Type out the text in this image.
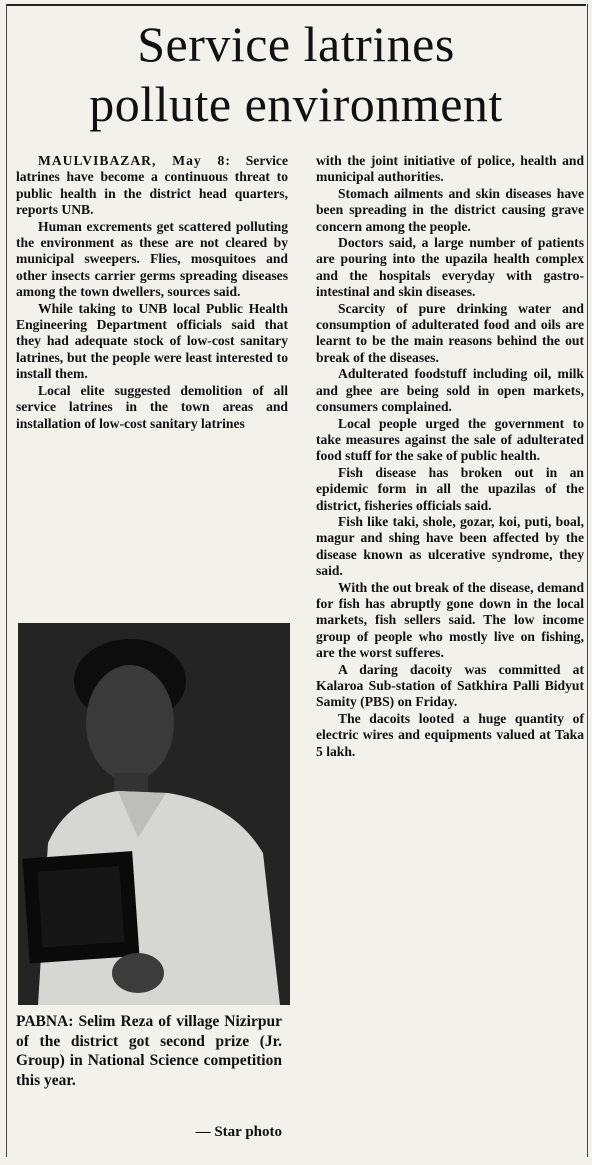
Service latrines
pollute environment

MAULVIBAZAR, May 8: Service latrines have become a continuous threat to public health in the district head quarters, reports UNB.

Human excrements get scattered polluting the environment as these are not cleared by municipal sweepers. Flies, mosquitoes and other insects carrier germs spreading diseases among the town dwellers, sources said.

While taking to UNB local Public Health Engineering Department officials said that they had adequate stock of low-cost sanitary latrines, but the people were least interested to install them.

Local elite suggested demolition of all service latrines in the town areas and installation of low-cost sanitary latrines

PABNA: Selim Reza of village Nizirpur of the district got second prize (Jr. Group) in National Science competition this year.
— Star photo

with the joint initiative of police, health and municipal authorities.

Stomach ailments and skin diseases have been spreading in the district causing grave concern among the people.

Doctors said, a large number of patients are pouring into the upazila health complex and the hospitals everyday with gastro-intestinal and skin diseases.

Scarcity of pure drinking water and consumption of adulterated food and oils are learnt to be the main reasons behind the out break of the diseases.

Adulterated foodstuff including oil, milk and ghee are being sold in open markets, consumers complained.

Local people urged the government to take measures against the sale of adulterated food stuff for the sake of public health.

Fish disease has broken out in an epidemic form in all the upazilas of the district, fisheries officials said.

Fish like taki, shole, gozar, koi, puti, boal, magur and shing have been affected by the disease known as ulcerative syndrome, they said.

With the out break of the disease, demand for fish has abruptly gone down in the local markets, fish sellers said. The low income group of people who mostly live on fishing, are the worst sufferes.

A daring dacoity was committed at Kalaroa Sub-station of Satkhira Palli Bidyut Samity (PBS) on Friday.

The dacoits looted a huge quantity of electric wires and equipments valued at Taka 5 lakh.
